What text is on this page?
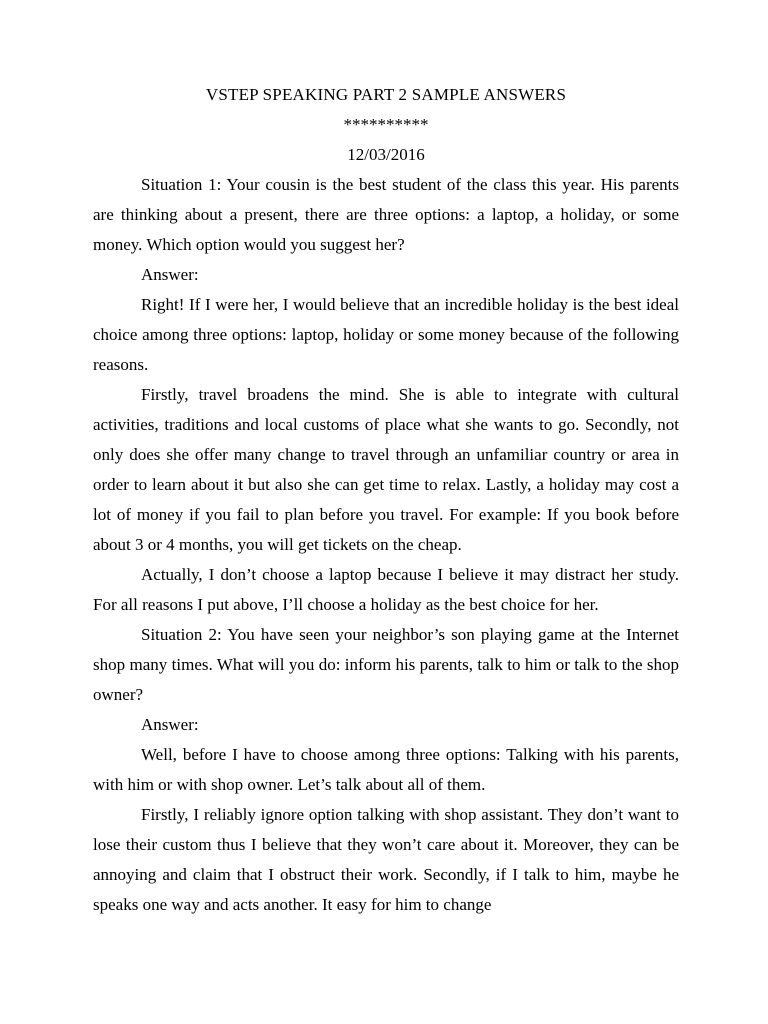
VSTEP SPEAKING PART 2 SAMPLE ANSWERS

**********

12/03/2016

Situation 1: Your cousin is the best student of the class this year. His parents are thinking about a present, there are three options: a laptop, a holiday, or some money. Which option would you suggest her?

Answer:

Right! If I were her, I would believe that an incredible holiday is the best ideal choice among three options: laptop, holiday or some money because of the following reasons.

Firstly, travel broadens the mind. She is able to integrate with cultural activities, traditions and local customs of place what she wants to go. Secondly, not only does she offer many change to travel through an unfamiliar country or area in order to learn about it but also she can get time to relax. Lastly, a holiday may cost a lot of money if you fail to plan before you travel. For example: If you book before about 3 or 4 months, you will get tickets on the cheap.

Actually, I don’t choose a laptop because I believe it may distract her study. For all reasons I put above, I’ll choose a holiday as the best choice for her.

Situation 2: You have seen your neighbor’s son playing game at the Internet shop many times. What will you do: inform his parents, talk to him or talk to the shop owner?

Answer:

Well, before I have to choose among three options: Talking with his parents, with him or with shop owner. Let’s talk about all of them.

Firstly, I reliably ignore option talking with shop assistant. They don’t want to lose their custom thus I believe that they won’t care about it. Moreover, they can be annoying and claim that I obstruct their work. Secondly, if I talk to him, maybe he speaks one way and acts another. It easy for him to change
